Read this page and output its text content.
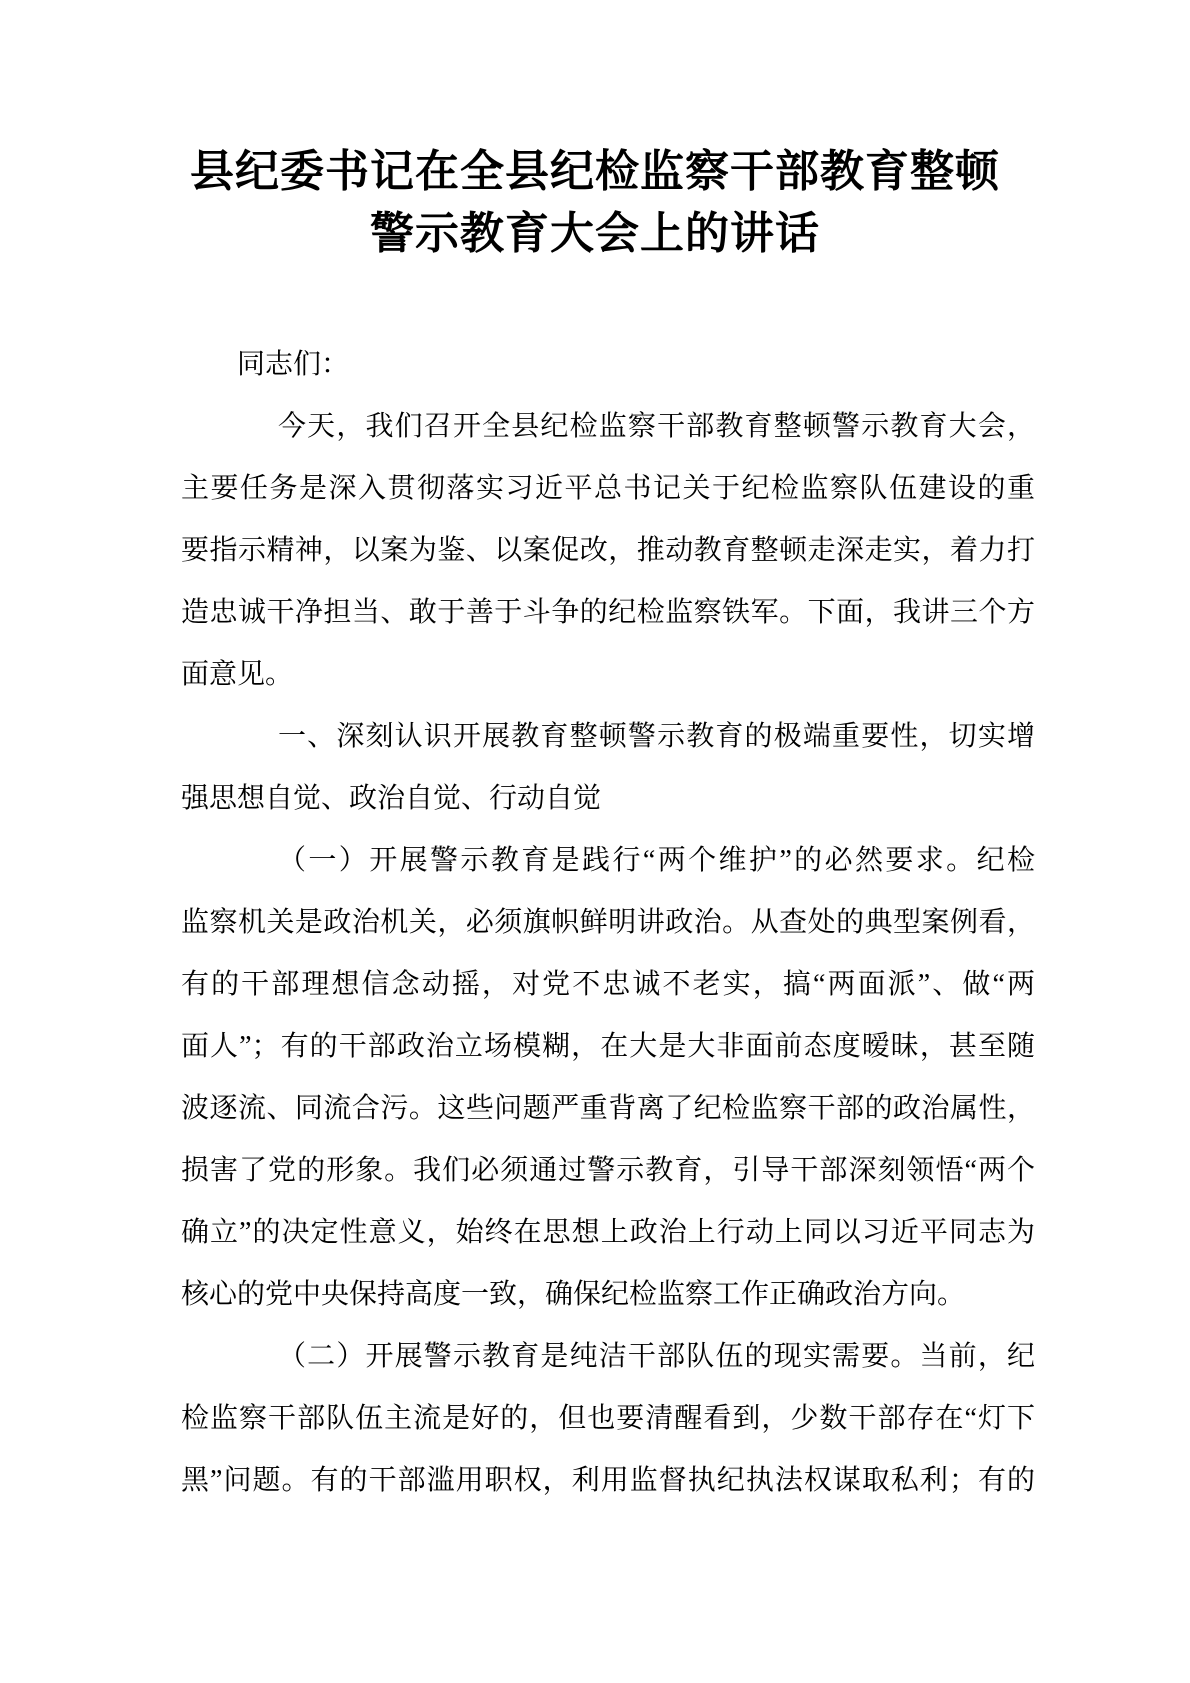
县纪委书记在全县纪检监察干部教育整顿
警示教育大会上的讲话
同志们：
今天，我们召开全县纪检监察干部教育整顿警示教育大会，
主要任务是深入贯彻落实习近平总书记关于纪检监察队伍建设的重
要指示精神，以案为鉴、以案促改，推动教育整顿走深走实，着力打
造忠诚干净担当、敢于善于斗争的纪检监察铁军。下面，我讲三个方
面意见。
一、深刻认识开展教育整顿警示教育的极端重要性，切实增
强思想自觉、政治自觉、行动自觉
（一）开展警示教育是践行“两个维护”的必然要求。纪检
监察机关是政治机关，必须旗帜鲜明讲政治。从查处的典型案例看，
有的干部理想信念动摇，对党不忠诚不老实，搞“两面派”、做“两
面人”；有的干部政治立场模糊，在大是大非面前态度暧昧，甚至随
波逐流、同流合污。这些问题严重背离了纪检监察干部的政治属性，
损害了党的形象。我们必须通过警示教育，引导干部深刻领悟“两个
确立”的决定性意义，始终在思想上政治上行动上同以习近平同志为
核心的党中央保持高度一致，确保纪检监察工作正确政治方向。
（二）开展警示教育是纯洁干部队伍的现实需要。当前，纪
检监察干部队伍主流是好的，但也要清醒看到，少数干部存在“灯下
黑”问题。有的干部滥用职权，利用监督执纪执法权谋取私利；有的
